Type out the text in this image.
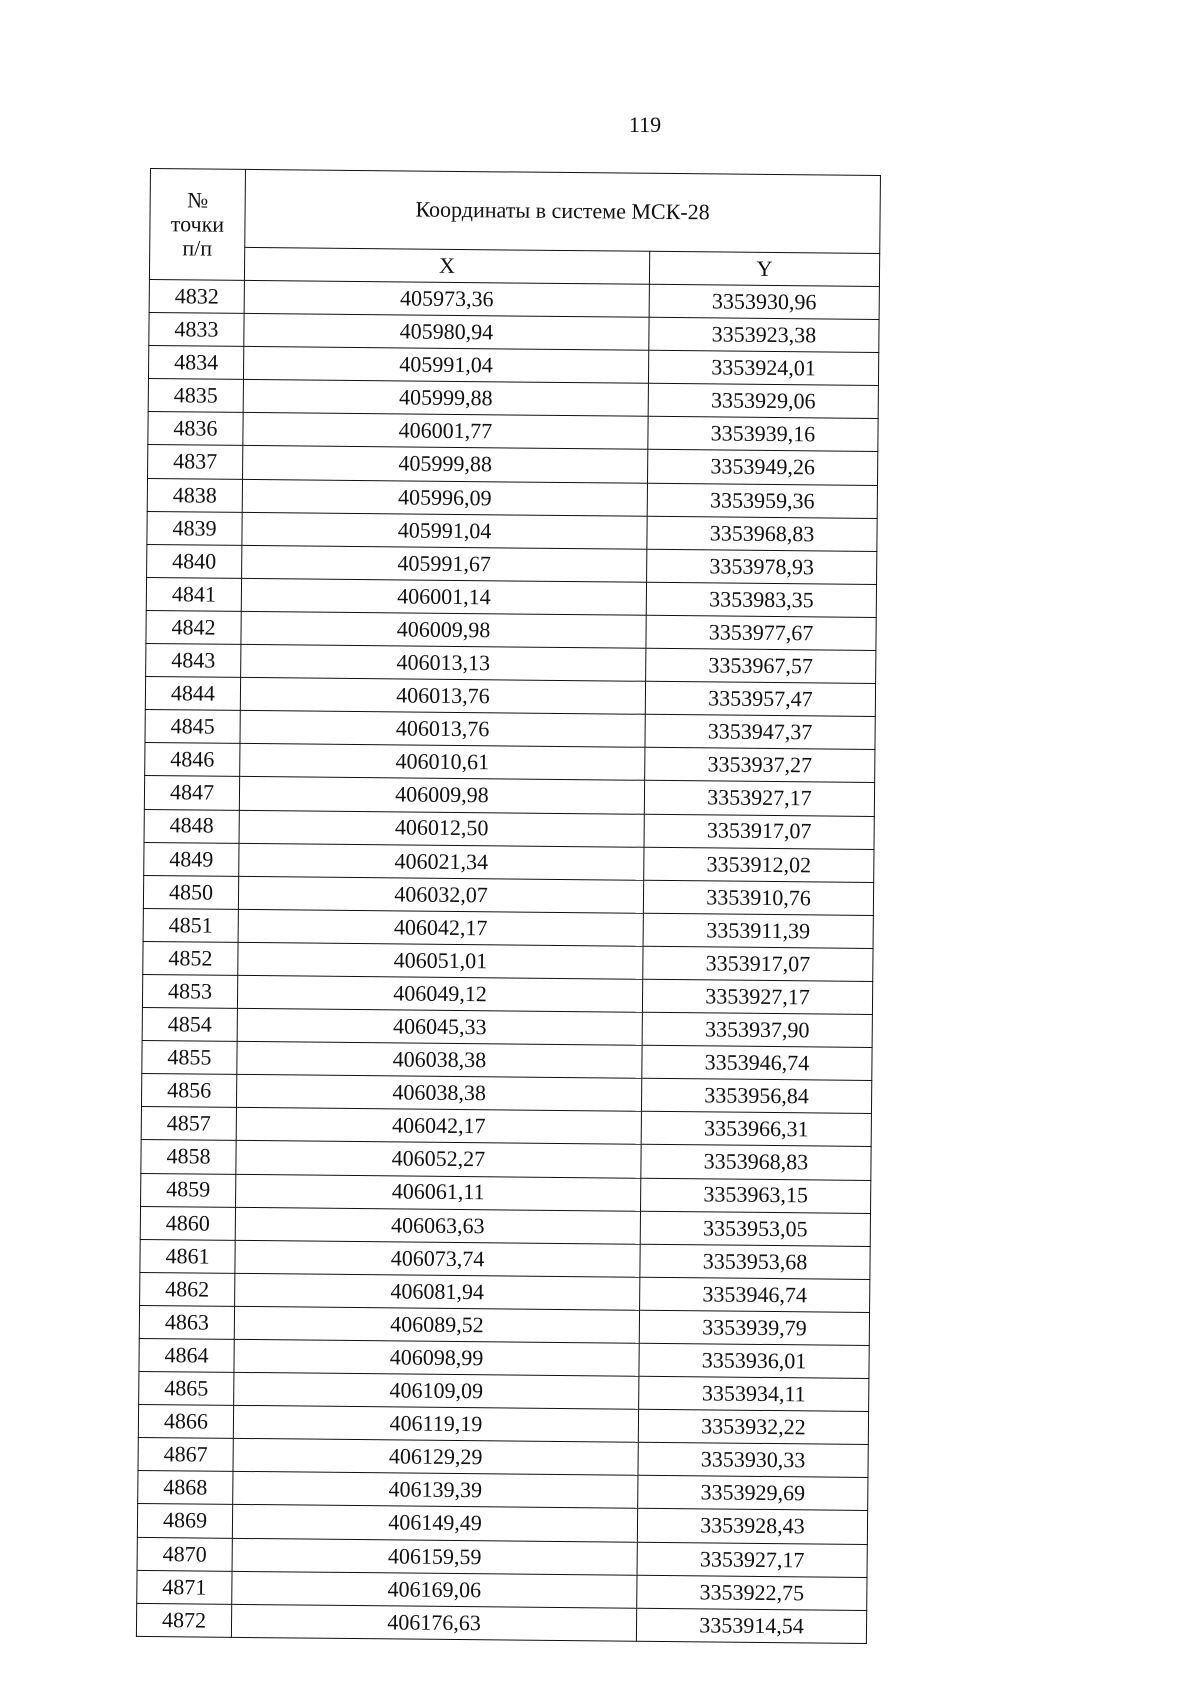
119
№
точки
п/п	Координаты в системе МСК-28	
	X	Y
4832	405973,36	3353930,96
4833	405980,94	3353923,38
4834	405991,04	3353924,01
4835	405999,88	3353929,06
4836	406001,77	3353939,16
4837	405999,88	3353949,26
4838	405996,09	3353959,36
4839	405991,04	3353968,83
4840	405991,67	3353978,93
4841	406001,14	3353983,35
4842	406009,98	3353977,67
4843	406013,13	3353967,57
4844	406013,76	3353957,47
4845	406013,76	3353947,37
4846	406010,61	3353937,27
4847	406009,98	3353927,17
4848	406012,50	3353917,07
4849	406021,34	3353912,02
4850	406032,07	3353910,76
4851	406042,17	3353911,39
4852	406051,01	3353917,07
4853	406049,12	3353927,17
4854	406045,33	3353937,90
4855	406038,38	3353946,74
4856	406038,38	3353956,84
4857	406042,17	3353966,31
4858	406052,27	3353968,83
4859	406061,11	3353963,15
4860	406063,63	3353953,05
4861	406073,74	3353953,68
4862	406081,94	3353946,74
4863	406089,52	3353939,79
4864	406098,99	3353936,01
4865	406109,09	3353934,11
4866	406119,19	3353932,22
4867	406129,29	3353930,33
4868	406139,39	3353929,69
4869	406149,49	3353928,43
4870	406159,59	3353927,17
4871	406169,06	3353922,75
4872	406176,63	3353914,54
